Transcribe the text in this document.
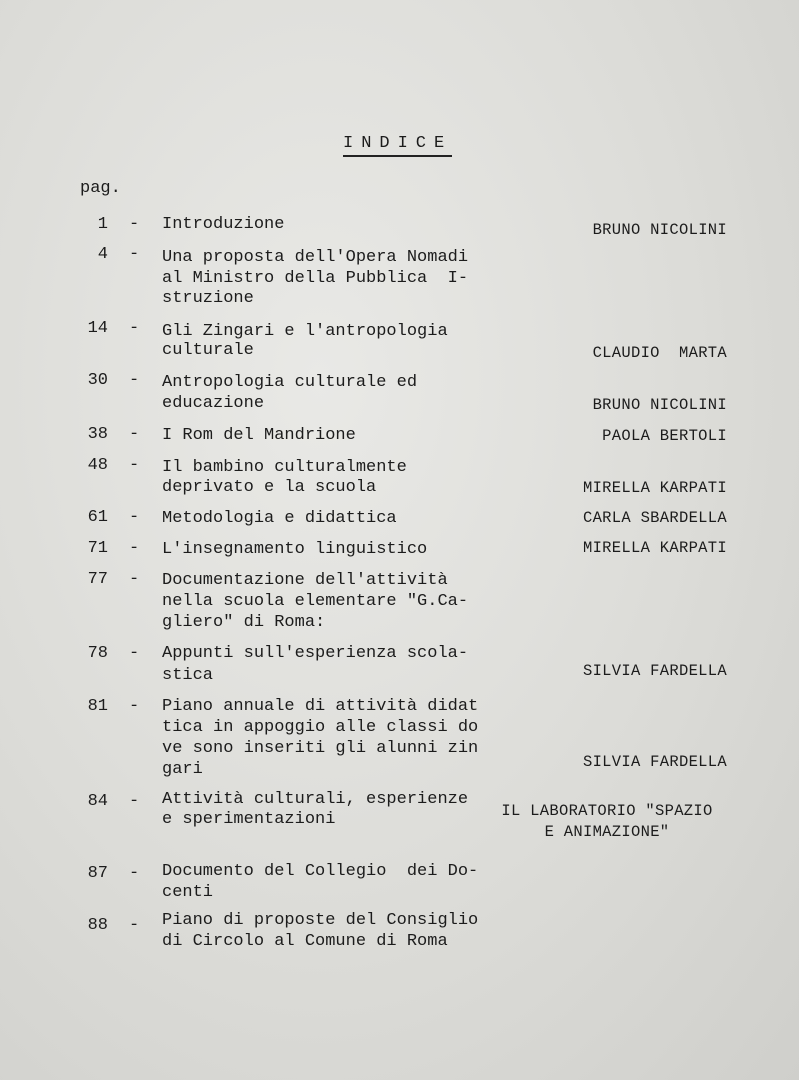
INDICE
pag.
1 - Introduzione	BRUNO NICOLINI
4 - Una proposta dell'Opera Nomadi
al Ministro della Pubblica  I-
struzione
14 - Gli Zingari e l'antropologia
culturale	CLAUDIO  MARTA
30 - Antropologia culturale ed
educazione	BRUNO NICOLINI
38 - I Rom del Mandrione	PAOLA BERTOLI
48 - Il bambino culturalmente
deprivato e la scuola	MIRELLA KARPATI
61 - Metodologia e didattica	CARLA SBARDELLA
71 - L'insegnamento linguistico	MIRELLA KARPATI
77 - Documentazione dell'attività
nella scuola elementare "G.Ca-
gliero" di Roma:
78 - Appunti sull'esperienza scola-
stica	SILVIA FARDELLA
81 - Piano annuale di attività didat
tica in appoggio alle classi do
ve sono inseriti gli alunni zin
gari	SILVIA FARDELLA
84 - Attività culturali, esperienze
e sperimentazioni	IL LABORATORIO "SPAZIO
E ANIMAZIONE"
87 - Documento del Collegio  dei Do-
centi
88 - Piano di proposte del Consiglio
di Circolo al Comune di Roma
